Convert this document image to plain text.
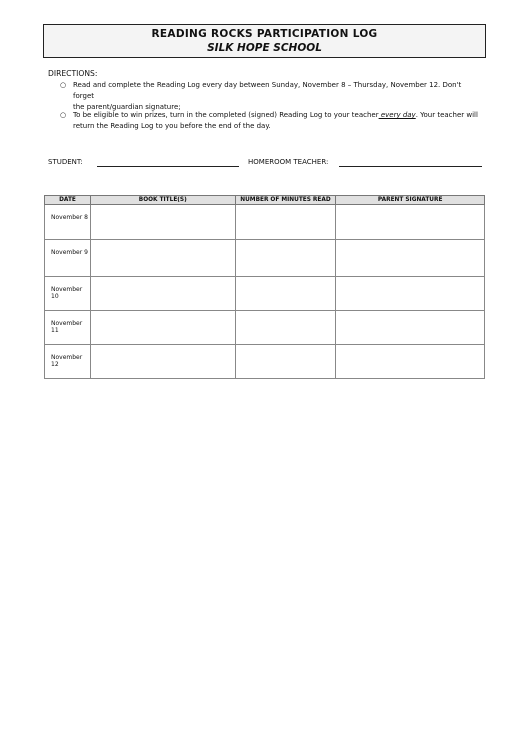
READING ROCKS PARTICIPATION LOG
SILK HOPE SCHOOL
DIRECTIONS:
○ Read and complete the Reading Log every day between Sunday, November 8 – Thursday, November 12. Don't forget
the parent/guardian signature;
○ To be eligible to win prizes, turn in the completed (signed) Reading Log to your teacher every day. Your teacher will
return the Reading Log to you before the end of the day.
STUDENT:	HOMEROOM TEACHER:
DATE	BOOK TITLE(S)	NUMBER OF MINUTES READ	PARENT SIGNATURE
November 8			
November 9			
November 10			
November 11			
November 12			
